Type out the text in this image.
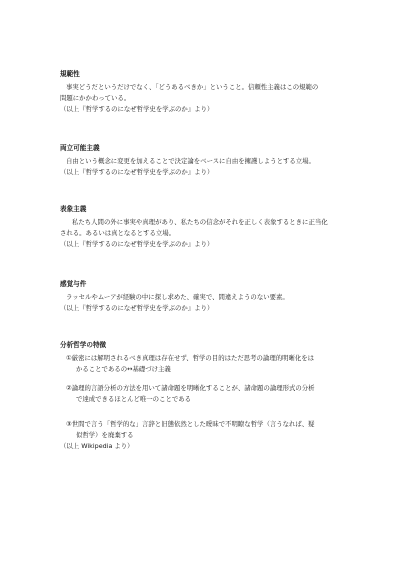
規範性
事実どうだというだけでなく、「どうあるべきか」ということ。信頼性主義はこの規範の
問題にかかわっている。
（以上『哲学するのになぜ哲学史を学ぶのか』より）
両立可能主義
自由という概念に変更を加えることで決定論をベースに自由を擁護しようとする立場。
（以上『哲学するのになぜ哲学史を学ぶのか』より）
表象主義
私たち人間の外に事実や真理があり、私たちの信念がそれを正しく表象するときに正当化
される。あるいは真となるとする立場。
（以上『哲学するのになぜ哲学史を学ぶのか』より）
感覚与件
ラッセルやムーアが経験の中に探し求めた、確実で、間違えようのない要素。
（以上『哲学するのになぜ哲学史を学ぶのか』より）
分析哲学の特徴
①厳密には解明されるべき真理は存在せず、哲学の目的はただ思考の論理的明晰化をは
かることであるの↔基礎づけ主義
②論理的言語分析の方法を用いて諸命題を明晰化することが、諸命題の論理形式の分析
で達成できるほとんど唯一のことである
③世間で言う「哲学的な」言辞と旧態依然とした曖昧で不明瞭な哲学（言うなれば、疑
似哲学）を廃棄する
（以上 Wikipedia より）
